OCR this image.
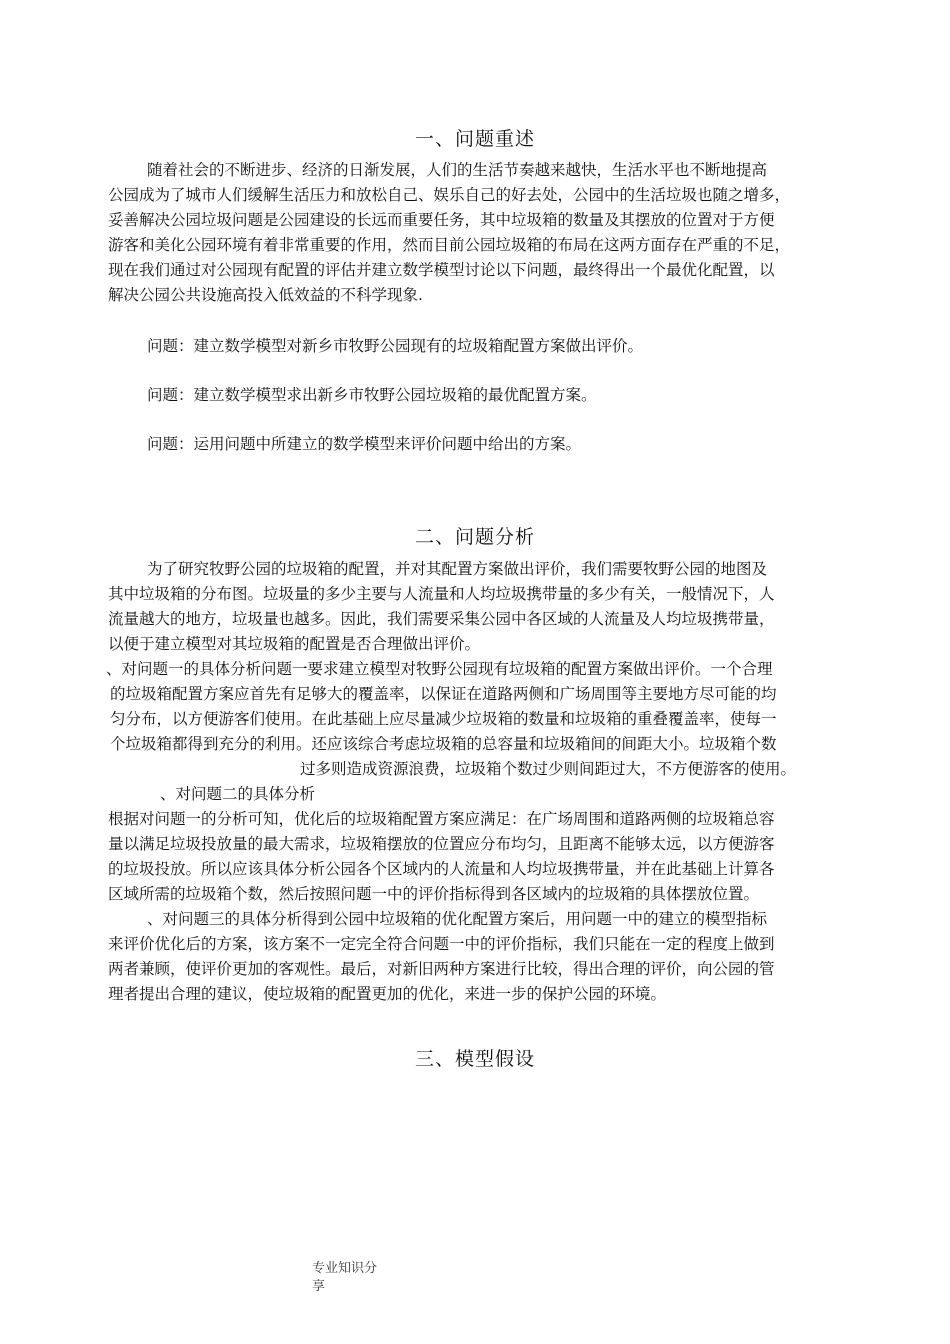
一、问题重述
随着社会的不断进步、经济的日渐发展，人们的生活节奏越来越快，生活水平也不断地提高
公园成为了城市人们缓解生活压力和放松自己、娱乐自己的好去处，公园中的生活垃圾也随之增多，
妥善解决公园垃圾问题是公园建设的长远而重要任务，其中垃圾箱的数量及其摆放的位置对于方便
游客和美化公园环境有着非常重要的作用，然而目前公园垃圾箱的布局在这两方面存在严重的不足，
现在我们通过对公园现有配置的评估并建立数学模型讨论以下问题，最终得出一个最优化配置，以
解决公园公共设施高投入低效益的不科学现象.
问题：建立数学模型对新乡市牧野公园现有的垃圾箱配置方案做出评价。
问题：建立数学模型求出新乡市牧野公园垃圾箱的最优配置方案。
问题：运用问题中所建立的数学模型来评价问题中给出的方案。
二、问题分析
为了研究牧野公园的垃圾箱的配置，并对其配置方案做出评价，我们需要牧野公园的地图及
其中垃圾箱的分布图。垃圾量的多少主要与人流量和人均垃圾携带量的多少有关，一般情况下，人
流量越大的地方，垃圾量也越多。因此，我们需要采集公园中各区域的人流量及人均垃圾携带量，
以便于建立模型对其垃圾箱的配置是否合理做出评价。
、对问题一的具体分析问题一要求建立模型对牧野公园现有垃圾箱的配置方案做出评价。一个合理
的垃圾箱配置方案应首先有足够大的覆盖率，以保证在道路两侧和广场周围等主要地方尽可能的均
匀分布，以方便游客们使用。在此基础上应尽量减少垃圾箱的数量和垃圾箱的重叠覆盖率，使每一
个垃圾箱都得到充分的利用。还应该综合考虑垃圾箱的总容量和垃圾箱间的间距大小。垃圾箱个数
过多则造成资源浪费，垃圾箱个数过少则间距过大，不方便游客的使用。
、对问题二的具体分析
根据对问题一的分析可知，优化后的垃圾箱配置方案应满足：在广场周围和道路两侧的垃圾箱总容
量以满足垃圾投放量的最大需求，垃圾箱摆放的位置应分布均匀，且距离不能够太远，以方便游客
的垃圾投放。所以应该具体分析公园各个区域内的人流量和人均垃圾携带量，并在此基础上计算各
区域所需的垃圾箱个数，然后按照问题一中的评价指标得到各区域内的垃圾箱的具体摆放位置。
、对问题三的具体分析得到公园中垃圾箱的优化配置方案后，用问题一中的建立的模型指标
来评价优化后的方案，该方案不一定完全符合问题一中的评价指标，我们只能在一定的程度上做到
两者兼顾，使评价更加的客观性。最后，对新旧两种方案进行比较，得出合理的评价，向公园的管
理者提出合理的建议，使垃圾箱的配置更加的优化，来进一步的保护公园的环境。
三、模型假设
专业知识分
享
